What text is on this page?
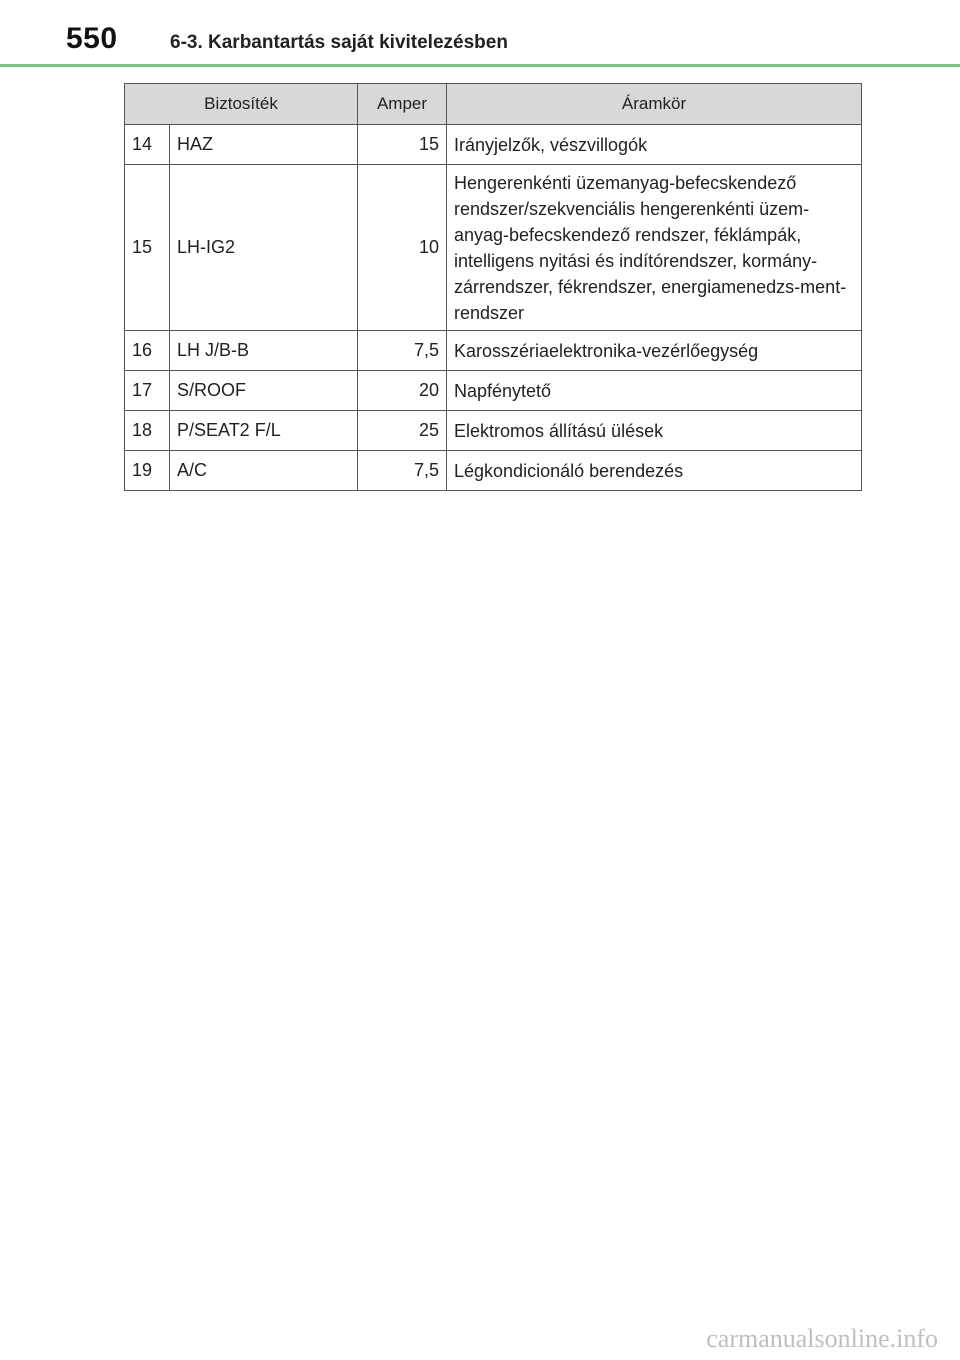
550	6-3. Karbantartás saját kivitelezésben
Biztosíték		Amper	Áramkör
14	HAZ	15	Irányjelzők, vészvillogók
15	LH-IG2	10	Hengerenkénti üzemanyag-befecskendező rendszer/szekvenciális hengerenkénti üzem-anyag-befecskendező rendszer, féklámpák, intelligens nyitási és indítórendszer, kormány-zárrendszer, fékrendszer, energiamenedzs-ment-rendszer
16	LH J/B-B	7,5	Karosszériaelektronika-vezérlőegység
17	S/ROOF	20	Napfénytető
18	P/SEAT2 F/L	25	Elektromos állítású ülések
19	A/C	7,5	Légkondicionáló berendezés
carmanualsonline.info
